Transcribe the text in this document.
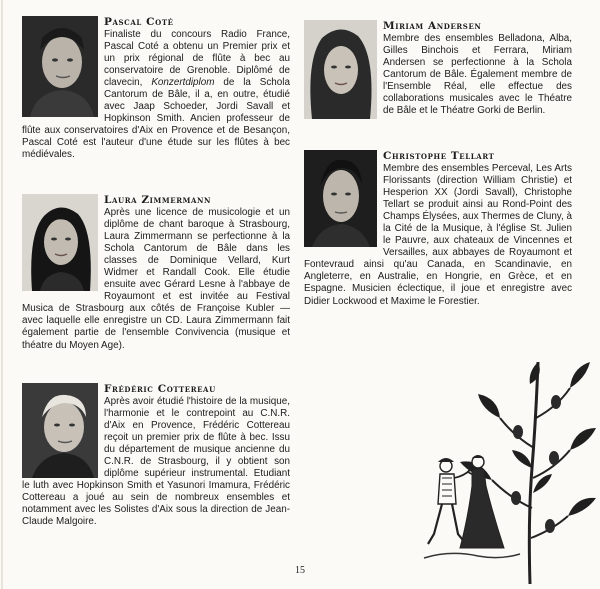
Pascal Coté

Finaliste du concours Radio France, Pascal Coté a obtenu un Premier prix et un prix régional de flûte à bec au conservatoire de Grenoble. Diplômé de clavecin, Konzertdiplom de la Schola Cantorum de Bâle, il a, en outre, étudié avec Jaap Schoeder, Jordi Savall et Hopkinson Smith. Ancien professeur de flûte aux conservatoires d'Aix en Provence et de Besançon, Pascal Coté est l'auteur d'une étude sur les flûtes à bec médiévales.

Laura Zimmermann

Après une licence de musicologie et un diplôme de chant baroque à Strasbourg, Laura Zimmermann se perfectionne à la Schola Cantorum de Bâle dans les classes de Dominique Vellard, Kurt Widmer et Randall Cook. Elle étudie ensuite avec Gérard Lesne à l'abbaye de Royaumont et est invitée au Festival Musica de Strasbourg aux côtés de Françoise Kubler — avec laquelle elle enregistre un CD. Laura Zimmermann fait également partie de l'ensemble Convivencia (musique et théatre du Moyen Age).

Frédéric Cottereau

Après avoir étudié l'histoire de la musique, l'harmonie et le contrepoint au C.N.R. d'Aix en Provence, Frédéric Cottereau reçoit un premier prix de flûte à bec. Issu du département de musique ancienne du C.N.R. de Strasbourg, il y obtient son diplôme supérieur instrumental. Etudiant le luth avec Hopkinson Smith et Yasunori Imamura, Frédéric Cottereau a joué au sein de nombreux ensembles et notamment avec les Solistes d'Aix sous la direction de Jean-Claude Malgoire.

Miriam Andersen

Membre des ensembles Belladona, Alba, Gilles Binchois et Ferrara, Miriam Andersen se perfectionne à la Schola Cantorum de Bâle. Également membre de l'Ensemble Réal, elle effectue des collaborations musicales avec le Théatre de Bâle et le Théatre Gorki de Berlin.

Christophe Tellart

Membre des ensembles Perceval, Les Arts Florissants (direction William Christie) et Hesperion XX (Jordi Savall), Christophe Tellart se produit ainsi au Rond-Point des Champs Élysées, aux Thermes de Cluny, à la Cité de la Musique, à l'église St. Julien le Pauvre, aux chateaux de Vincennes et Versailles, aux abbayes de Royaumont et Fontevraud ainsi qu'au Canada, en Scandinavie, en Angleterre, en Australie, en Hongrie, en Grèce, et en Espagne. Musicien éclectique, il joue et enregistre avec Didier Lockwood et Maxime le Forestier.

15
